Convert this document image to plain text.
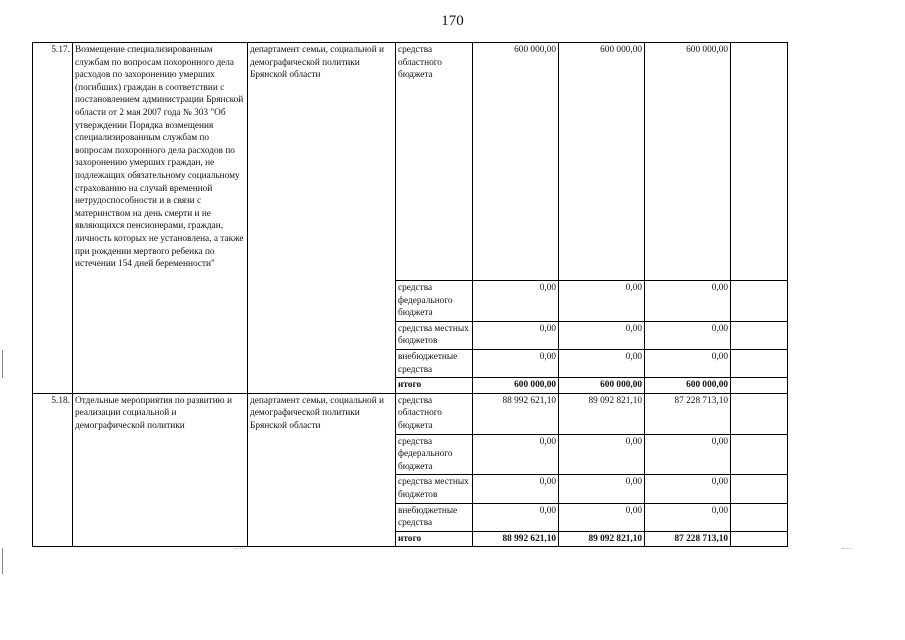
170
5.17.	Возмещение специализированным службам по вопросам похоронного дела расходов по захоронению умерших (погибших) граждан в соответствии с постановлением администрации Брянской области от 2 мая 2007 года № 303 "Об утверждении Порядка возмещения специализированным службам по вопросам похоронного дела расходов по захоронению умерших граждан, не подлежащих обязательному социальному страхованию на случай временной нетрудоспособности и в связи с материнством на день смерти и не являющихся пенсионерами, граждан, личность которых не установлена, а также при рождении мертвого ребенка по истечении 154 дней беременности"	департамент семьи, социальной и демографической политики Брянской области	средства областного бюджета	600 000,00	600 000,00	600 000,00	
			средства федерального бюджета	0,00	0,00	0,00	
			средства местных бюджетов	0,00	0,00	0,00	
			внебюджетные средства	0,00	0,00	0,00	
			итого	600 000,00	600 000,00	600 000,00	
5.18.	Отдельные мероприятия по развитию и реализации социальной и демографической политики	департамент семьи, социальной и демографической политики Брянской области	средства областного бюджета	88 992 621,10	89 092 821,10	87 228 713,10	
			средства федерального бюджета	0,00	0,00	0,00	
			средства местных бюджетов	0,00	0,00	0,00	
			внебюджетные средства	0,00	0,00	0,00	
			итого	88 992 621,10	89 092 821,10	87 228 713,10	
